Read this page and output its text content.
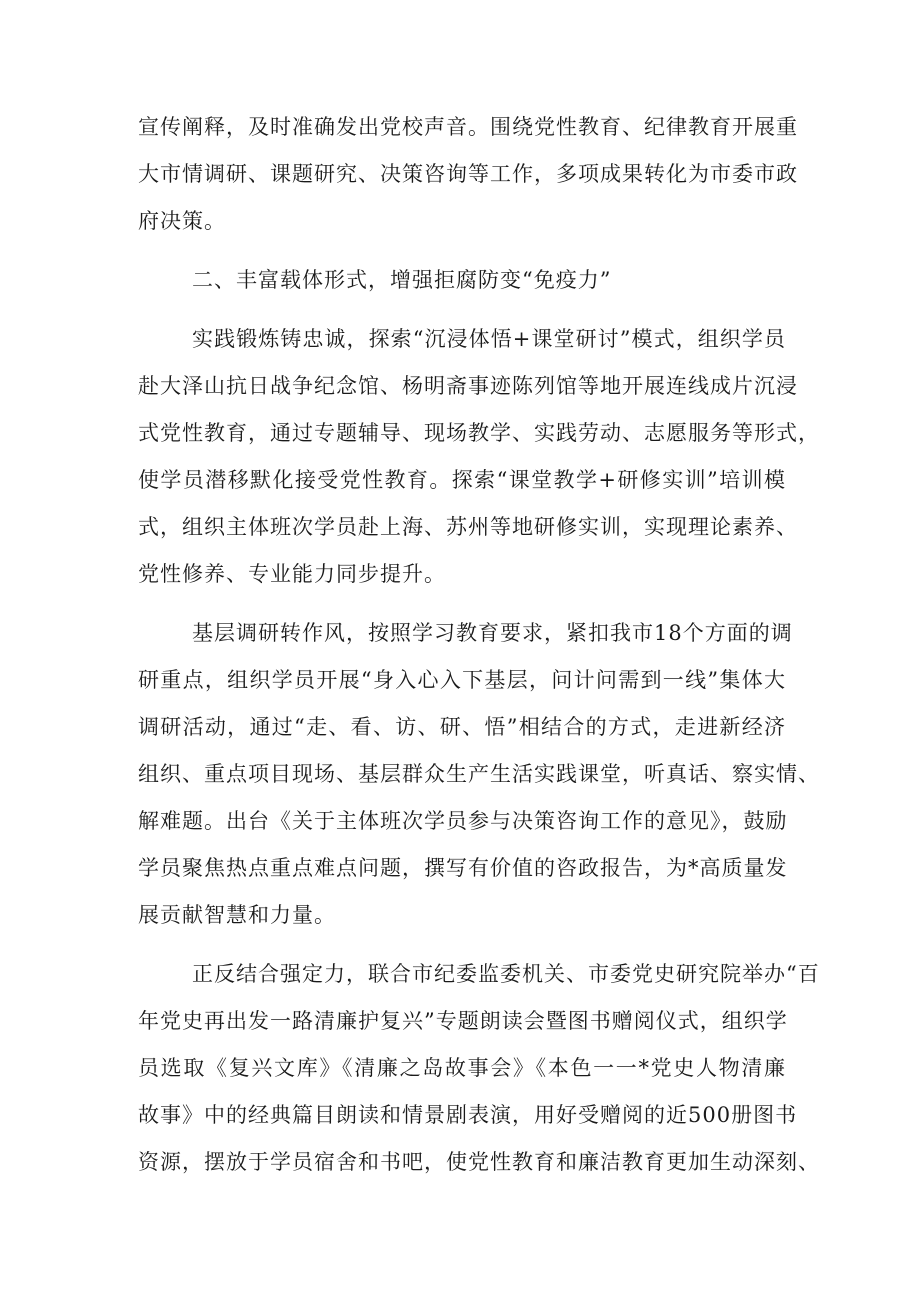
宣传阐释，及时准确发出党校声音。围绕党性教育、纪律教育开展重
大市情调研、课题研究、决策咨询等工作，多项成果转化为市委市政
府决策。
二、丰富载体形式，增强拒腐防变“免疫力”
实践锻炼铸忠诚，探索“沉浸体悟+课堂研讨”模式，组织学员
赴大泽山抗日战争纪念馆、杨明斋事迹陈列馆等地开展连线成片沉浸
式党性教育，通过专题辅导、现场教学、实践劳动、志愿服务等形式，
使学员潜移默化接受党性教育。探索“课堂教学+研修实训”培训模
式，组织主体班次学员赴上海、苏州等地研修实训，实现理论素养、
党性修养、专业能力同步提升。
基层调研转作风，按照学习教育要求，紧扣我市18个方面的调
研重点，组织学员开展“身入心入下基层，问计问需到一线”集体大
调研活动，通过“走、看、访、研、悟”相结合的方式，走进新经济
组织、重点项目现场、基层群众生产生活实践课堂，听真话、察实情、
解难题。出台《关于主体班次学员参与决策咨询工作的意见》，鼓励
学员聚焦热点重点难点问题，撰写有价值的咨政报告，为*高质量发
展贡献智慧和力量。
正反结合强定力，联合市纪委监委机关、市委党史研究院举办“百
年党史再出发一路清廉护复兴”专题朗读会暨图书赠阅仪式，组织学
员选取《复兴文库》《清廉之岛故事会》《本色一一*党史人物清廉
故事》中的经典篇目朗读和情景剧表演，用好受赠阅的近500册图书
资源，摆放于学员宿舍和书吧，使党性教育和廉洁教育更加生动深刻、
